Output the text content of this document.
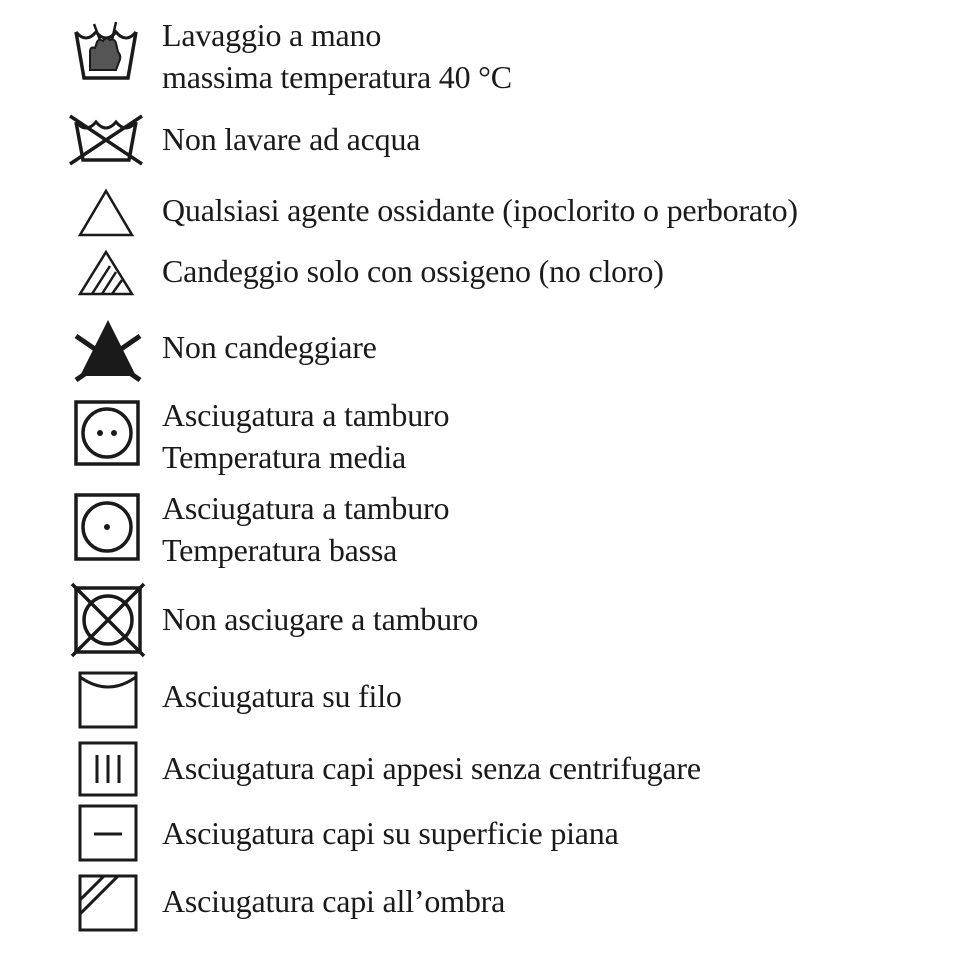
Lavaggio a mano
massima temperatura 40 °C
Non lavare ad acqua
Qualsiasi agente ossidante (ipoclorito o perborato)
Candeggio solo con ossigeno (no cloro)
Non candeggiare
Asciugatura a tamburo
Temperatura media
Asciugatura a tamburo
Temperatura bassa
Non asciugare a tamburo
Asciugatura su filo
Asciugatura capi appesi senza centrifugare
Asciugatura capi su superficie piana
Asciugatura capi all’ombra
